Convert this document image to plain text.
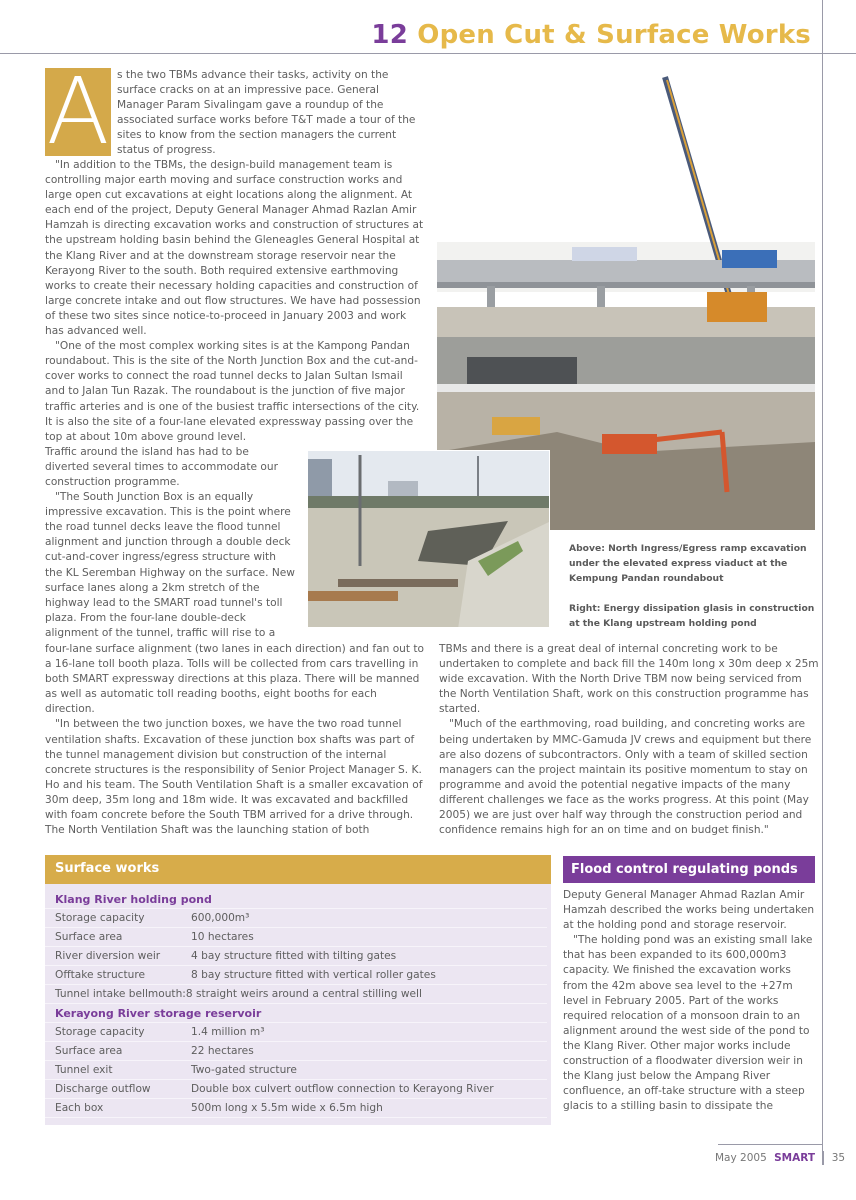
12 Open Cut & Surface Works
A s the two TBMs advance their tasks, activity on the surface cracks on at an impressive pace. General Manager Param Sivalingam gave a roundup of the associated surface works before T&T made a tour of the sites to know from the section managers the current status of progress.

"In addition to the TBMs, the design-build management team is controlling major earth moving and surface construction works and large open cut excavations at eight locations along the alignment. At each end of the project, Deputy General Manager Ahmad Razlan Amir Hamzah is directing excavation works and construction of structures at the upstream holding basin behind the Gleneagles General Hospital at the Klang River and at the downstream storage reservoir near the Kerayong River to the south. Both required extensive earthmoving works to create their necessary holding capacities and construction of large concrete intake and out flow structures. We have had possession of these two sites since notice-to-proceed in January 2003 and work has advanced well.

"One of the most complex working sites is at the Kampong Pandan roundabout. This is the site of the North Junction Box and the cut-and-cover works to connect the road tunnel decks to Jalan Sultan Ismail and to Jalan Tun Razak. The roundabout is the junction of five major traffic arteries and is one of the busiest traffic intersections of the city. It is also the site of a four-lane elevated expressway passing over the top at about 10m above ground level.

Traffic around the island has had to be diverted several times to accommodate our construction programme.

"The South Junction Box is an equally impressive excavation. This is the point where the road tunnel decks leave the flood tunnel alignment and junction through a double deck cut-and-cover ingress/egress structure with the KL Seremban Highway on the surface. New surface lanes along a 2km stretch of the highway lead to the SMART road tunnel's toll plaza. From the four-lane double-deck alignment of the tunnel, traffic will rise to a

Above: North Ingress/Egress ramp excavation under the elevated express viaduct at the Kempung Pandan roundabout

Right: Energy dissipation glasis in construction at the Klang upstream holding pond

four-lane surface alignment (two lanes in each direction) and fan out to a 16-lane toll booth plaza. Tolls will be collected from cars travelling in both SMART expressway directions at this plaza. There will be manned as well as automatic toll reading booths, eight booths for each direction.

"In between the two junction boxes, we have the two road tunnel ventilation shafts. Excavation of these junction box shafts was part of the tunnel management division but construction of the internal concrete structures is the responsibility of Senior Project Manager S. K. Ho and his team. The South Ventilation Shaft is a smaller excavation of 30m deep, 35m long and 18m wide. It was excavated and backfilled with foam concrete before the South TBM arrived for a drive through. The North Ventilation Shaft was the launching station of both

TBMs and there is a great deal of internal concreting work to be undertaken to complete and back fill the 140m long x 30m deep x 25m wide excavation. With the North Drive TBM now being serviced from the North Ventilation Shaft, work on this construction programme has started.

"Much of the earthmoving, road building, and concreting works are being undertaken by MMC-Gamuda JV crews and equipment but there are also dozens of subcontractors. Only with a team of skilled section managers can the project maintain its positive momentum to stay on programme and avoid the potential negative impacts of the many different challenges we face as the works progress. At this point (May 2005) we are just over half way through the construction period and confidence remains high for an on time and on budget finish."

Surface works
Klang River holding pond
Storage capacity	600,000m³
Surface area	10 hectares
River diversion weir	4 bay structure fitted with tilting gates
Offtake structure	8 bay structure fitted with vertical roller gates
Tunnel intake bellmouth: 8 straight weirs around a central stilling well
Kerayong River storage reservoir
Storage capacity	1.4 million m³
Surface area	22 hectares
Tunnel exit	Two-gated structure
Discharge outflow	Double box culvert outflow connection to Kerayong River
Each box	500m long x 5.5m wide x 6.5m high
Flood control regulating ponds

Deputy General Manager Ahmad Razlan Amir Hamzah described the works being undertaken at the holding pond and storage reservoir.

"The holding pond was an existing small lake that has been expanded to its 600,000m3 capacity. We finished the excavation works from the 42m above sea level to the +27m level in February 2005. Part of the works required relocation of a monsoon drain to an alignment around the west side of the pond to the Klang River. Other major works include construction of a floodwater diversion weir in the Klang just below the Ampang River confluence, an off-take structure with a steep glacis to a stilling basin to dissipate the

May 2005 SMART 35
